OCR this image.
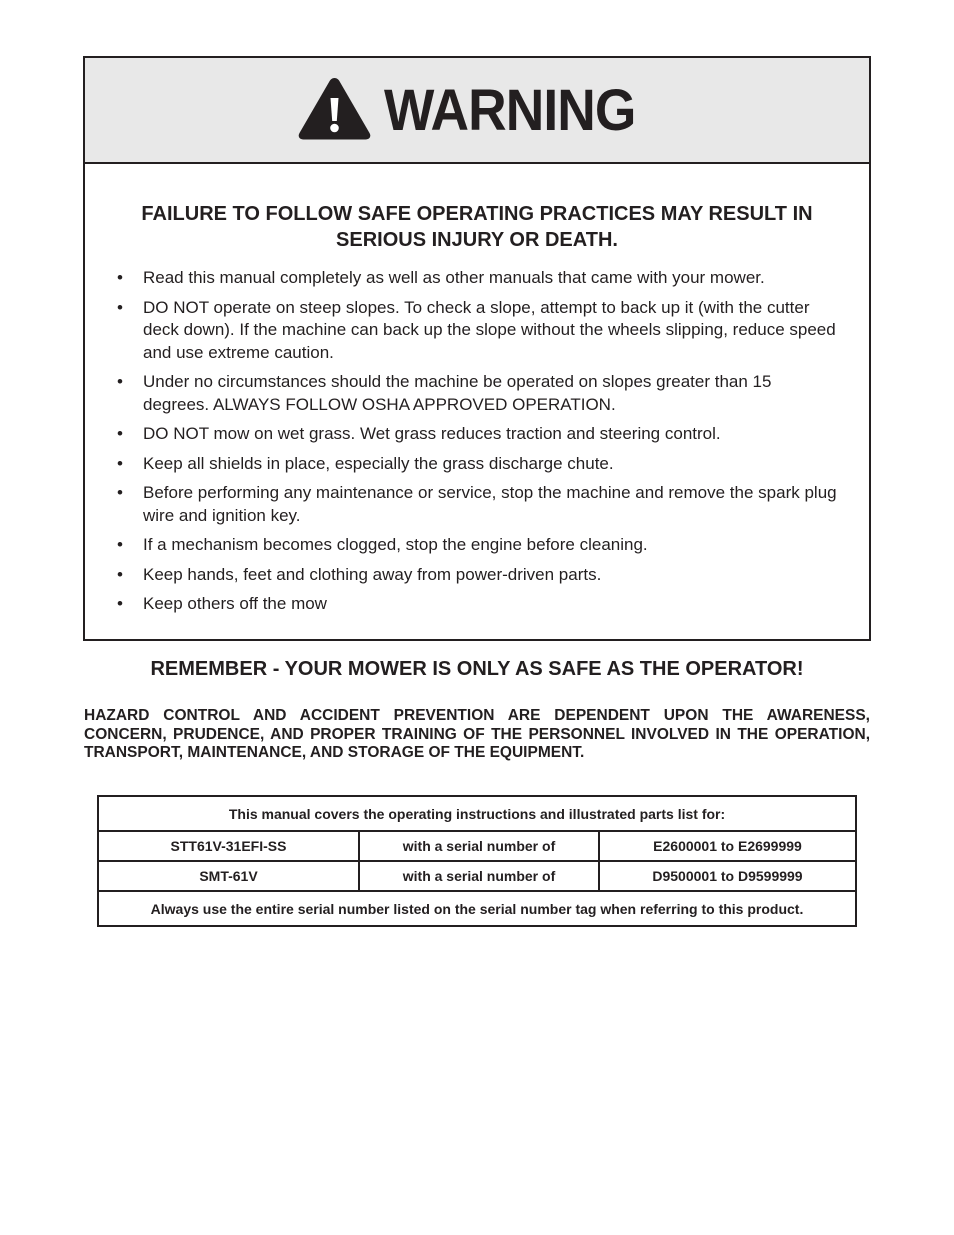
WARNING
FAILURE TO FOLLOW SAFE OPERATING PRACTICES MAY RESULT IN SERIOUS INJURY OR DEATH.
• Read this manual completely as well as other manuals that came with your mower.
• DO NOT operate on steep slopes. To check a slope, attempt to back up it (with the cutter deck down). If the machine can back up the slope without the wheels slipping, reduce speed and use extreme caution.
• Under no circumstances should the machine be operated on slopes greater than 15 degrees. ALWAYS FOLLOW OSHA APPROVED OPERATION.
• DO NOT mow on wet grass. Wet grass reduces traction and steering control.
• Keep all shields in place, especially the grass discharge chute.
• Before performing any maintenance or service, stop the machine and remove the spark plug wire and ignition key.
• If a mechanism becomes clogged, stop the engine before cleaning.
• Keep hands, feet and clothing away from power-driven parts.
• Keep others off the mow
REMEMBER - YOUR MOWER IS ONLY AS SAFE AS THE OPERATOR!
HAZARD CONTROL AND ACCIDENT PREVENTION ARE DEPENDENT UPON THE AWARENESS, CONCERN, PRUDENCE, AND PROPER TRAINING OF THE PERSONNEL INVOLVED IN THE OPERATION, TRANSPORT, MAINTENANCE, AND STORAGE OF THE EQUIPMENT.
This manual covers the operating instructions and illustrated parts list for:		
STT61V-31EFI-SS	with a serial number of	E2600001 to E2699999
SMT-61V	with a serial number of	D9500001 to D9599999
Always use the entire serial number listed on the serial number tag when referring to this product.		
